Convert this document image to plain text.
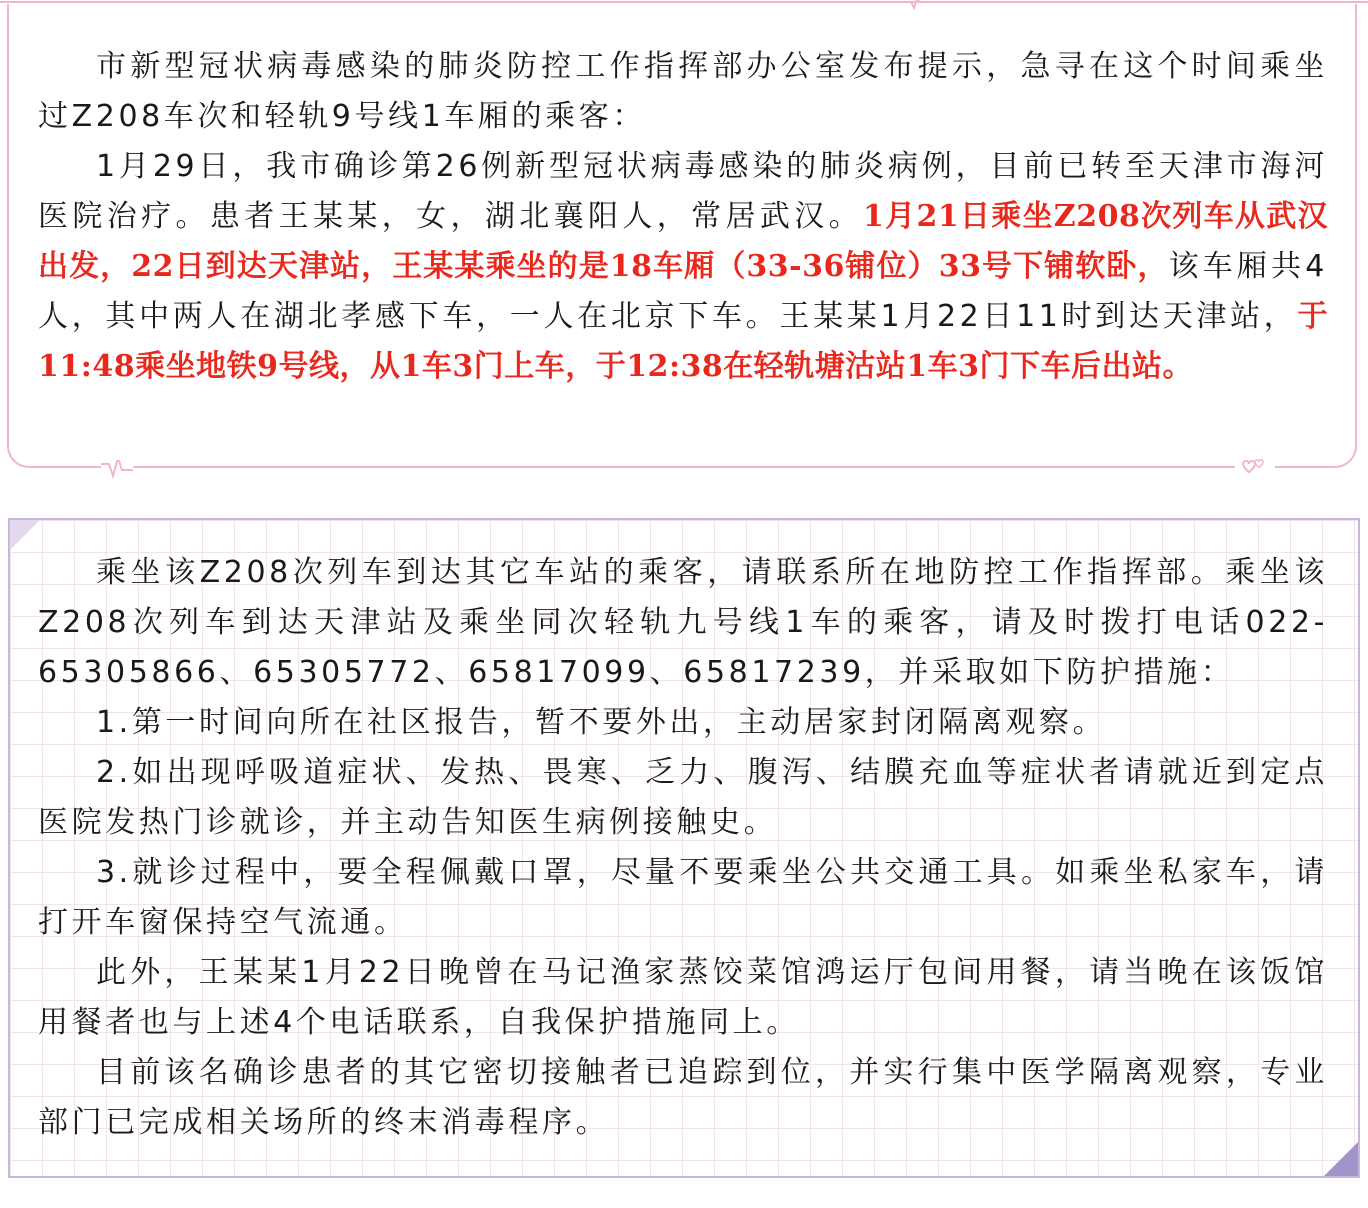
市新型冠状病毒感染的肺炎防控工作指挥部办公室发布提示，急寻在这个时间乘坐过Z208车次和轻轨9号线1车厢的乘客：

1月29日，我市确诊第26例新型冠状病毒感染的肺炎病例，目前已转至天津市海河医院治疗。患者王某某，女，湖北襄阳人，常居武汉。1月21日乘坐Z208次列车从武汉出发，22日到达天津站，王某某乘坐的是18车厢（33-36铺位）33号下铺软卧，该车厢共4人，其中两人在湖北孝感下车，一人在北京下车。王某某1月22日11时到达天津站，于11:48乘坐地铁9号线，从1车3门上车，于12:38在轻轨塘沽站1车3门下车后出站。

乘坐该Z208次列车到达其它车站的乘客，请联系所在地防控工作指挥部。乘坐该Z208次列车到达天津站及乘坐同次轻轨九号线1车的乘客，请及时拨打电话022-65305866、65305772、65817099、65817239，并采取如下防护措施：

1.第一时间向所在社区报告，暂不要外出，主动居家封闭隔离观察。

2.如出现呼吸道症状、发热、畏寒、乏力、腹泻、结膜充血等症状者请就近到定点医院发热门诊就诊，并主动告知医生病例接触史。

3.就诊过程中，要全程佩戴口罩，尽量不要乘坐公共交通工具。如乘坐私家车，请打开车窗保持空气流通。

此外，王某某1月22日晚曾在马记渔家蒸饺菜馆鸿运厅包间用餐，请当晚在该饭馆用餐者也与上述4个电话联系，自我保护措施同上。

目前该名确诊患者的其它密切接触者已追踪到位，并实行集中医学隔离观察，专业部门已完成相关场所的终末消毒程序。
